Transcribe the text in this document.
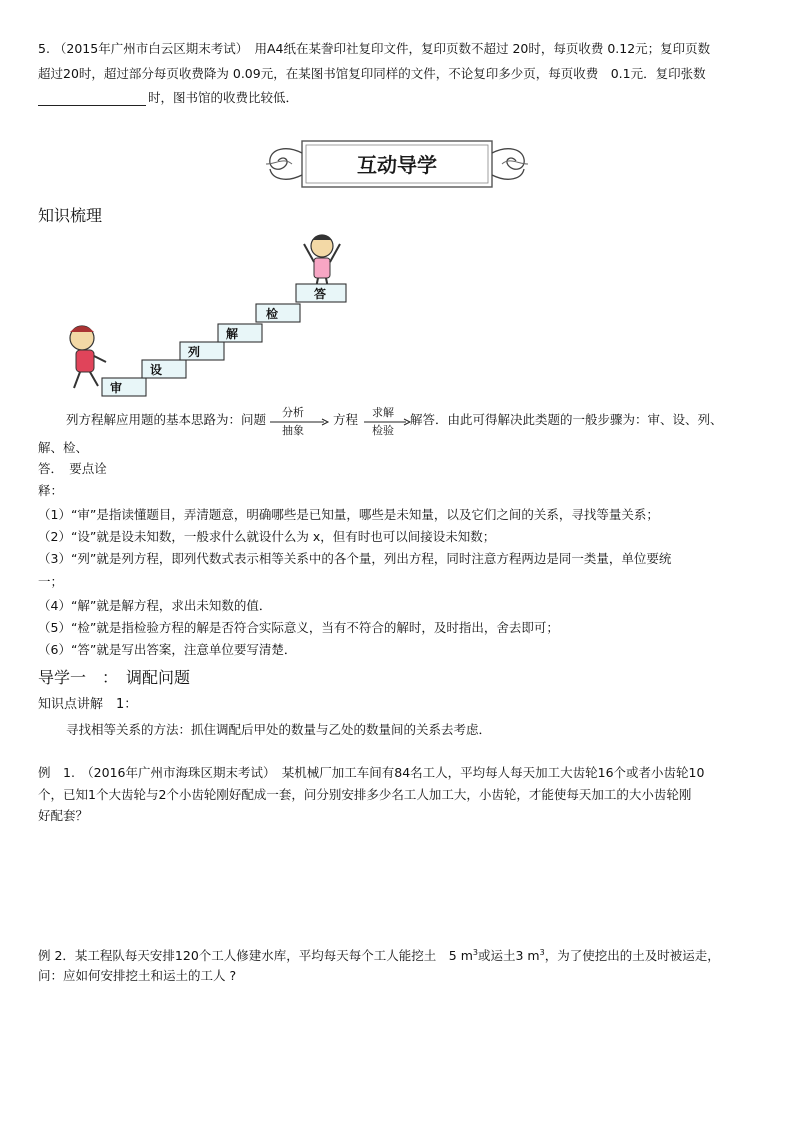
5. （2015年广州市白云区期末考试）　用A4纸在某誊印社复印文件，复印页数不超过 20时，每页收费 0.12元；复印页数
超过20时，超过部分每页收费降为 0.09元，在某图书馆复印同样的文件，不论复印多少页，每页收费　0.1元．复印张数
时，图书馆的收费比较低．
互动导学
知识梳理
审
设
列
解
检
答
列方程解应用题的基本思路为：问题 分析
抽象
方程 求解
检验
解答．由此可得解决此类题的一般步骤为：审、设、列、
解、检、
答．　要点诠
释：
（1）“审”是指读懂题目，弄清题意，明确哪些是已知量，哪些是未知量，以及它们之间的关系，寻找等量关系；
（2）“设”就是设未知数，一般求什么就设什么为 x，但有时也可以间接设未知数；
（3）“列”就是列方程，即列代数式表示相等关系中的各个量，列出方程，同时注意方程两边是同一类量，单位要统
一；
（4）“解”就是解方程，求出未知数的值．
（5）“检”就是指检验方程的解是否符合实际意义，当有不符合的解时，及时指出，舍去即可；
（6）“答”就是写出答案，注意单位要写清楚．
导学一　：　调配问题
知识点讲解　1：
寻找相等关系的方法：抓住调配后甲处的数量与乙处的数量间的关系去考虑．
例　1.　（2016年广州市海珠区期末考试）　某机械厂加工车间有84名工人，平均每人每天加工大齿轮16个或者小齿轮10
个，已知1个大齿轮与2个小齿轮刚好配成一套，问分别安排多少名工人加工大，小齿轮，才能使每天加工的大小齿轮刚
好配套？
例 2．某工程队每天安排120个工人修建水库，平均每天每个工人能挖土　5 $m^3$或运土3 $m^3$，为了使挖出的土及时被运走，
问：应如何安排挖土和运土的工人 ?
